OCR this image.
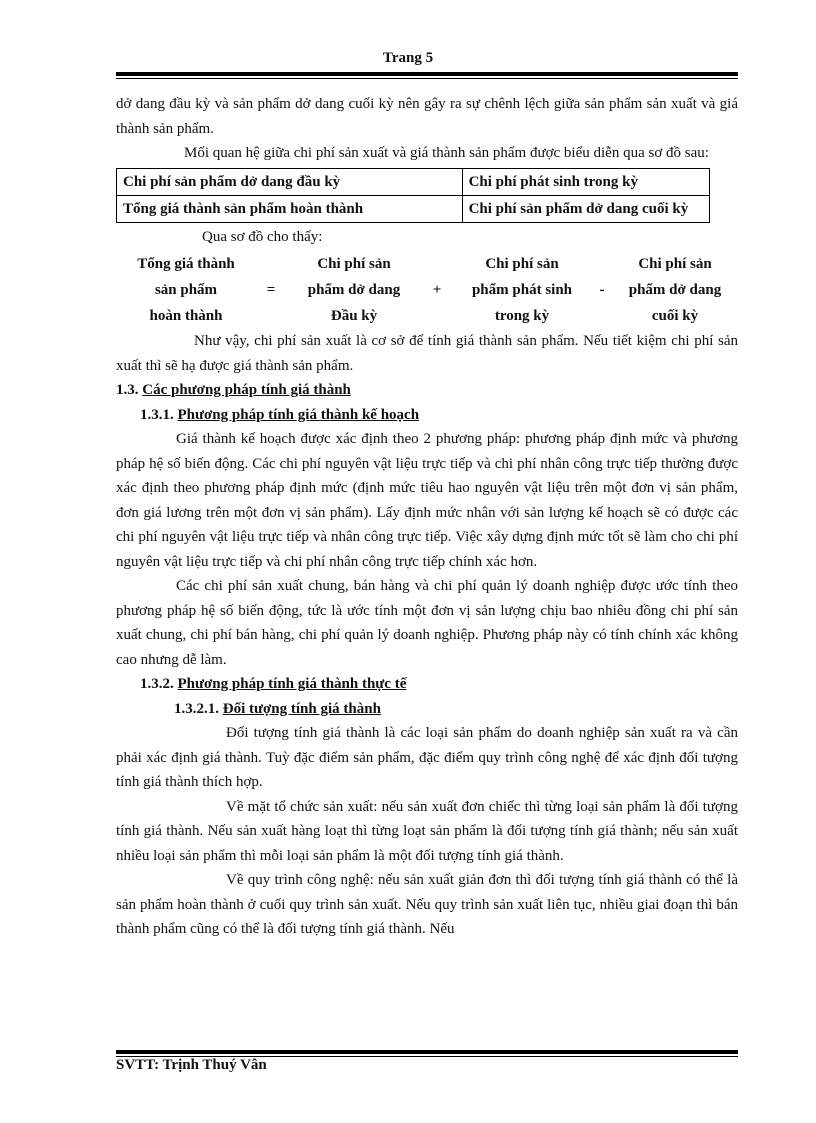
Trang 5

dở dang đầu kỳ và sản phẩm dở dang cuối kỳ nên gây ra sự chênh lệch giữa sản phẩm sản xuất và giá thành sản phẩm.

Mối quan hệ giữa chi phí sản xuất và giá thành sản phẩm được biểu diễn qua sơ đồ sau:

Chi phí sản phẩm dở dang đầu kỳ	Chi phí phát sinh trong kỳ
Tổng giá thành sản phẩm hoàn thành	Chi phí sản phẩm dở dang cuối kỳ

Qua sơ đồ cho thấy:

Tổng giá thành		Chi phí sản		Chi phí sản		Chi phí sản
sản phẩm	=	phẩm dở dang	+	phẩm phát sinh	-	phẩm dở dang
hoàn thành		Đầu kỳ		trong kỳ		cuối kỳ

Như vậy, chi phí sản xuất là cơ sở để tính giá thành sản phẩm. Nếu tiết kiệm chi phí sản xuất thì sẽ hạ được giá thành sản phẩm.

1.3. Các phương pháp tính giá thành

1.3.1. Phương pháp tính giá thành kế hoạch

Giá thành kế hoạch được xác định theo 2 phương pháp: phương pháp định mức và phương pháp hệ số biến động. Các chi phí nguyên vật liệu trực tiếp và chi phí nhân công trực tiếp thường được xác định theo phương pháp định mức (định mức tiêu hao nguyên vật liệu trên một đơn vị sản phẩm, đơn giá lương trên một đơn vị sản phẩm). Lấy định mức nhân với sản lượng kế hoạch sẽ có được các chi phí nguyên vật liệu trực tiếp và nhân công trực tiếp. Việc xây dựng định mức tốt sẽ làm cho chi phí nguyên vật liệu trực tiếp và chi phí nhân công trực tiếp chính xác hơn.

Các chi phí sản xuất chung, bán hàng và chi phí quản lý doanh nghiệp được ước tính theo phương pháp hệ số biến động, tức là ước tính một đơn vị sản lượng chịu bao nhiêu đồng chi phí sản xuất chung, chi phí bán hàng, chi phí quản lý doanh nghiệp. Phương pháp này có tính chính xác không cao nhưng dễ làm.

1.3.2. Phương pháp tính giá thành thực tế

1.3.2.1. Đối tượng tính giá thành

Đối tượng tính giá thành là các loại sản phẩm do doanh nghiệp sản xuất ra và cần phải xác định giá thành. Tuỳ đặc điểm sản phẩm, đặc điểm quy trình công nghệ để xác định đối tượng tính giá thành thích hợp.

Về mặt tổ chức sản xuất: nếu sản xuất đơn chiếc thì từng loại sản phẩm là đối tượng tính giá thành. Nếu sản xuất hàng loạt thì từng loạt sản phẩm là đối tượng tính giá thành; nếu sản xuất nhiều loại sản phẩm thì mỗi loại sản phẩm là một đối tượng tính giá thành.

Về quy trình công nghệ: nếu sản xuất giản đơn thì đối tượng tính giá thành có thể là sản phẩm hoàn thành ở cuối quy trình sản xuất. Nếu quy trình sản xuất liên tục, nhiều giai đoạn thì bán thành phẩm cũng có thể là đối tượng tính giá thành. Nếu

SVTT: Trịnh Thuý Vân
